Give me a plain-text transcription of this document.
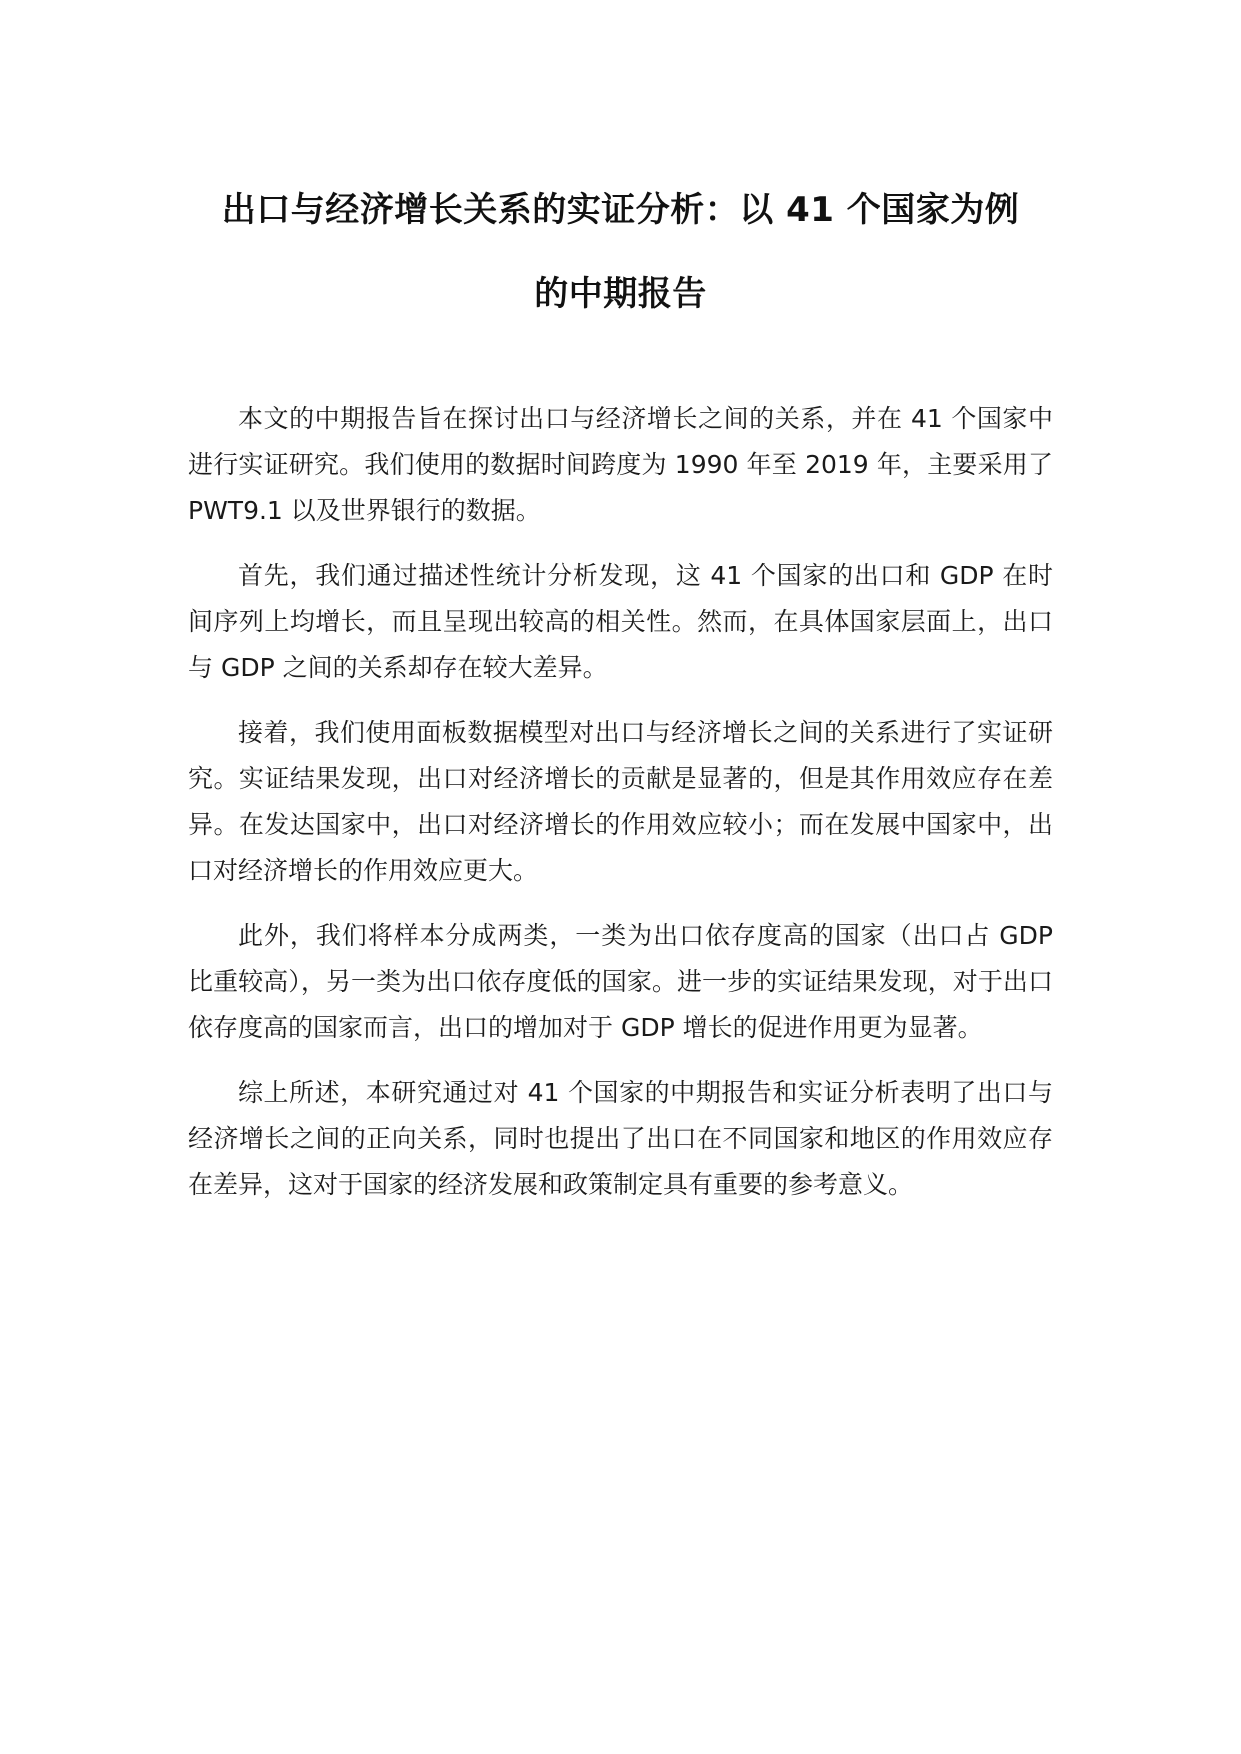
出口与经济增长关系的实证分析：以 41 个国家为例
的中期报告

本文的中期报告旨在探讨出口与经济增长之间的关系，并在 41 个国家中进行实证研究。我们使用的数据时间跨度为 1990 年至 2019 年，主要采用了 PWT9.1 以及世界银行的数据。

首先，我们通过描述性统计分析发现，这 41 个国家的出口和 GDP 在时间序列上均增长，而且呈现出较高的相关性。然而，在具体国家层面上，出口与 GDP 之间的关系却存在较大差异。

接着，我们使用面板数据模型对出口与经济增长之间的关系进行了实证研究。实证结果发现，出口对经济增长的贡献是显著的，但是其作用效应存在差异。在发达国家中，出口对经济增长的作用效应较小；而在发展中国家中，出口对经济增长的作用效应更大。

此外，我们将样本分成两类，一类为出口依存度高的国家（出口占 GDP 比重较高），另一类为出口依存度低的国家。进一步的实证结果发现，对于出口依存度高的国家而言，出口的增加对于 GDP 增长的促进作用更为显著。

综上所述，本研究通过对 41 个国家的中期报告和实证分析表明了出口与经济增长之间的正向关系，同时也提出了出口在不同国家和地区的作用效应存在差异，这对于国家的经济发展和政策制定具有重要的参考意义。
